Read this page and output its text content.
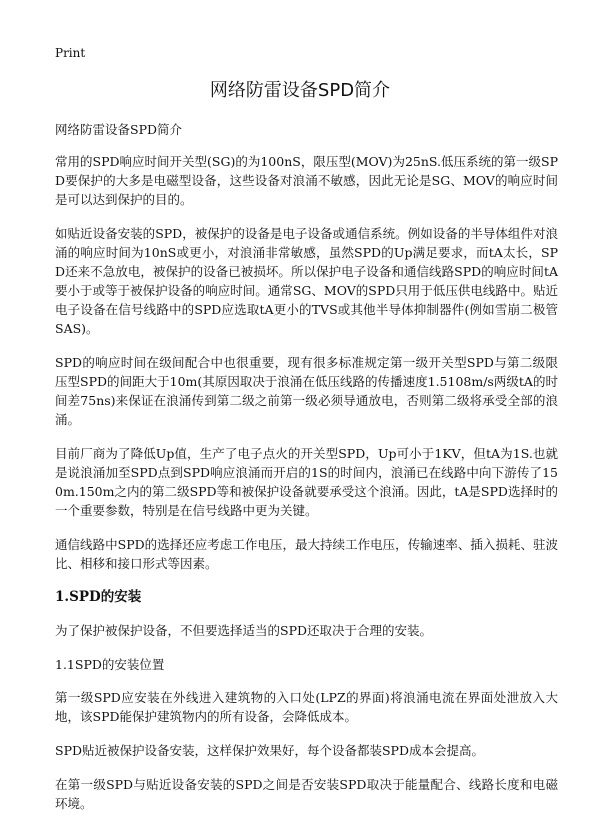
Print
网络防雷设备SPD简介

网络防雷设备SPD简介

常用的SPD响应时间开关型(SG)的为100nS，限压型(MOV)为25nS.低压系统的第一级SPD要保护的大多是电磁型设备，这些设备对浪涌不敏感，因此无论是SG、MOV的响应时间是可以达到保护的目的。

如贴近设备安装的SPD，被保护的设备是电子设备或通信系统。例如设备的半导体组件对浪涌的响应时间为10nS或更小，对浪涌非常敏感，虽然SPD的Up满足要求，而tA太长，SPD还来不急放电，被保护的设备已被损坏。所以保护电子设备和通信线路SPD的响应时间tA要小于或等于被保护设备的响应时间。通常SG、MOV的SPD只用于低压供电线路中。贴近电子设备在信号线路中的SPD应选取tA更小的TVS或其他半导体抑制器件(例如雪崩二极管SAS)。

SPD的响应时间在级间配合中也很重要，现有很多标准规定第一级开关型SPD与第二级限压型SPD的间距大于10m(其原因取决于浪涌在低压线路的传播速度1.5108m/s两级tA的时间差75ns)来保证在浪涌传到第二级之前第一级必须导通放电，否则第二级将承受全部的浪涌。

目前厂商为了降低Up值，生产了电子点火的开关型SPD，Up可小于1KV，但tA为1S.也就是说浪涌加至SPD点到SPD响应浪涌而开启的1S的时间内，浪涌已在线路中向下游传了150m.150m之内的第二级SPD等和被保护设备就要承受这个浪涌。因此，tA是SPD选择时的一个重要参数，特别是在信号线路中更为关键。

通信线路中SPD的选择还应考虑工作电压，最大持续工作电压，传输速率、插入损耗、驻波比、相移和接口形式等因素。

1.SPD的安装

为了保护被保护设备，不但要选择适当的SPD还取决于合理的安装。

1.1SPD的安装位置

第一级SPD应安装在外线进入建筑物的入口处(LPZ的界面)将浪涌电流在界面处泄放入大地，该SPD能保护建筑物内的所有设备，会降低成本。

SPD贴近被保护设备安装，这样保护效果好，每个设备都装SPD成本会提高。

在第一级SPD与贴近设备安装的SPD之间是否安装SPD取决于能量配合、线路长度和电磁环境。
